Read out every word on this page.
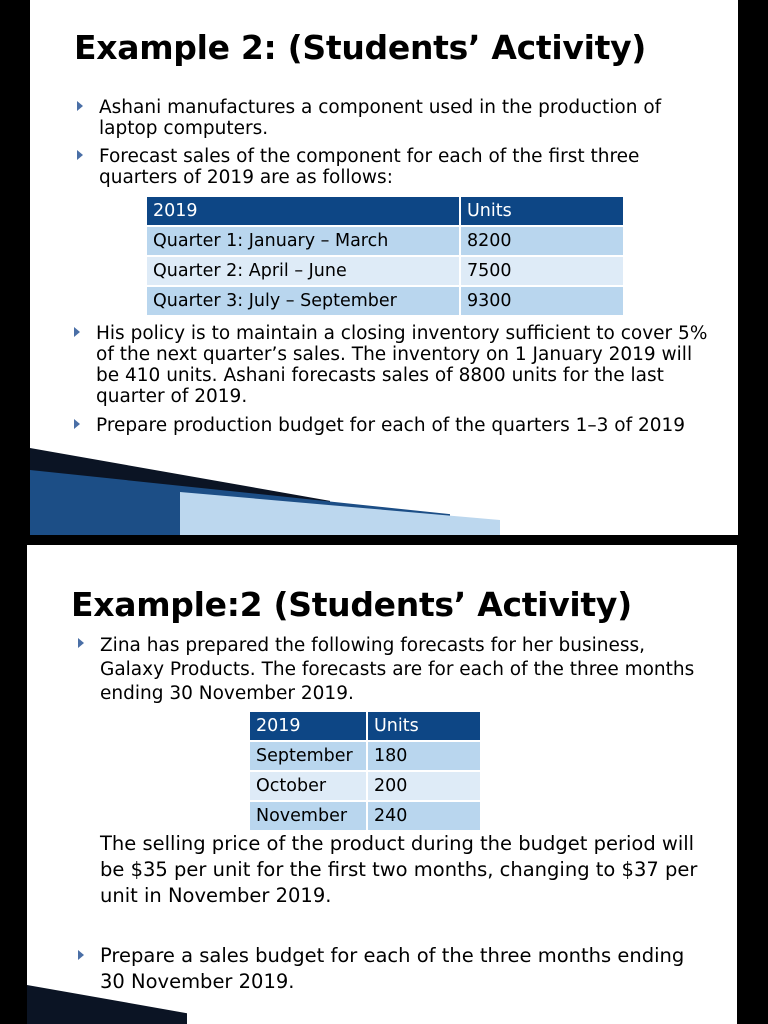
Example 2: (Students’ Activity)
Ashani manufactures a component used in the production of laptop computers.
Forecast sales of the component for each of the first three quarters of 2019 are as follows:
2019	Units
Quarter 1: January – March	8200
Quarter 2: April – June	7500
Quarter 3: July – September	9300
His policy is to maintain a closing inventory sufficient to cover 5% of the next quarter’s sales. The inventory on 1 January 2019 will be 410 units. Ashani forecasts sales of 8800 units for the last quarter of 2019.
Prepare production budget for each of the quarters 1–3 of 2019
Example:2 (Students’ Activity)
Zina has prepared the following forecasts for her business, Galaxy Products. The forecasts are for each of the three months ending 30 November 2019.
2019	Units
September	180
October	200
November	240
The selling price of the product during the budget period will be $35 per unit for the first two months, changing to $37 per unit in November 2019.
Prepare a sales budget for each of the three months ending 30 November 2019.
